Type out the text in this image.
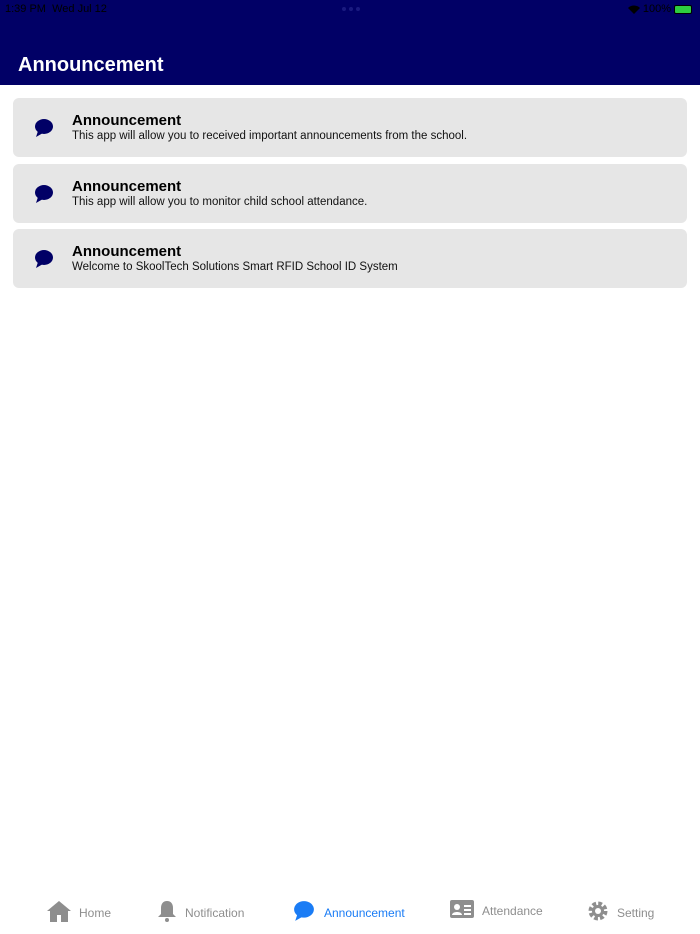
1:39 PM Wed Jul 12	100%
Announcement
Announcement
This app will allow you to received important announcements from the school.
Announcement
This app will allow you to monitor child school attendance.
Announcement
Welcome to SkoolTech Solutions Smart RFID School ID System
Home	Notification	Announcement	Attendance	Setting
